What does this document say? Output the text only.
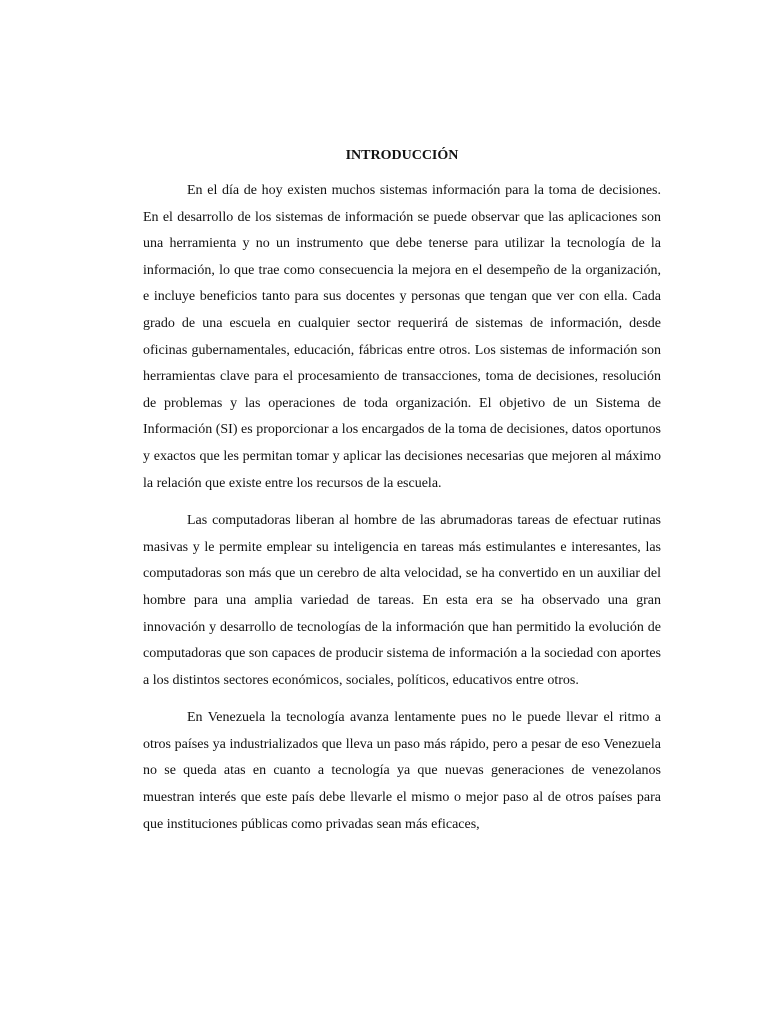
INTRODUCCIÓN

En el día de hoy existen muchos sistemas información para la toma de decisiones. En el desarrollo de los sistemas de información se puede observar que las aplicaciones son una herramienta y no un instrumento que debe tenerse para utilizar la tecnología de la información, lo que trae como consecuencia la mejora en el desempeño de la organización, e incluye beneficios tanto para sus docentes y personas que tengan que ver con ella. Cada grado de una escuela en cualquier sector requerirá de sistemas de información, desde oficinas gubernamentales, educación, fábricas entre otros. Los sistemas de información son herramientas clave para el procesamiento de transacciones, toma de decisiones, resolución de problemas y las operaciones de toda organización. El objetivo de un Sistema de Información (SI) es proporcionar a los encargados de la toma de decisiones, datos oportunos y exactos que les permitan tomar y aplicar las decisiones necesarias que mejoren al máximo la relación que existe entre los recursos de la escuela.

Las computadoras liberan al hombre de las abrumadoras tareas de efectuar rutinas masivas y le permite emplear su inteligencia en tareas más estimulantes e interesantes, las computadoras son más que un cerebro de alta velocidad, se ha convertido en un auxiliar del hombre para una amplia variedad de tareas. En esta era se ha observado una gran innovación y desarrollo de tecnologías de la información que han permitido la evolución de computadoras que son capaces de producir sistema de información a la sociedad con aportes a los distintos sectores económicos, sociales, políticos, educativos entre otros.

En Venezuela la tecnología avanza lentamente pues no le puede llevar el ritmo a otros países ya industrializados que lleva un paso más rápido, pero a pesar de eso Venezuela no se queda atas en cuanto a tecnología ya que nuevas generaciones de venezolanos muestran interés que este país debe llevarle el mismo o mejor paso al de otros países para que instituciones públicas como privadas sean más eficaces,
